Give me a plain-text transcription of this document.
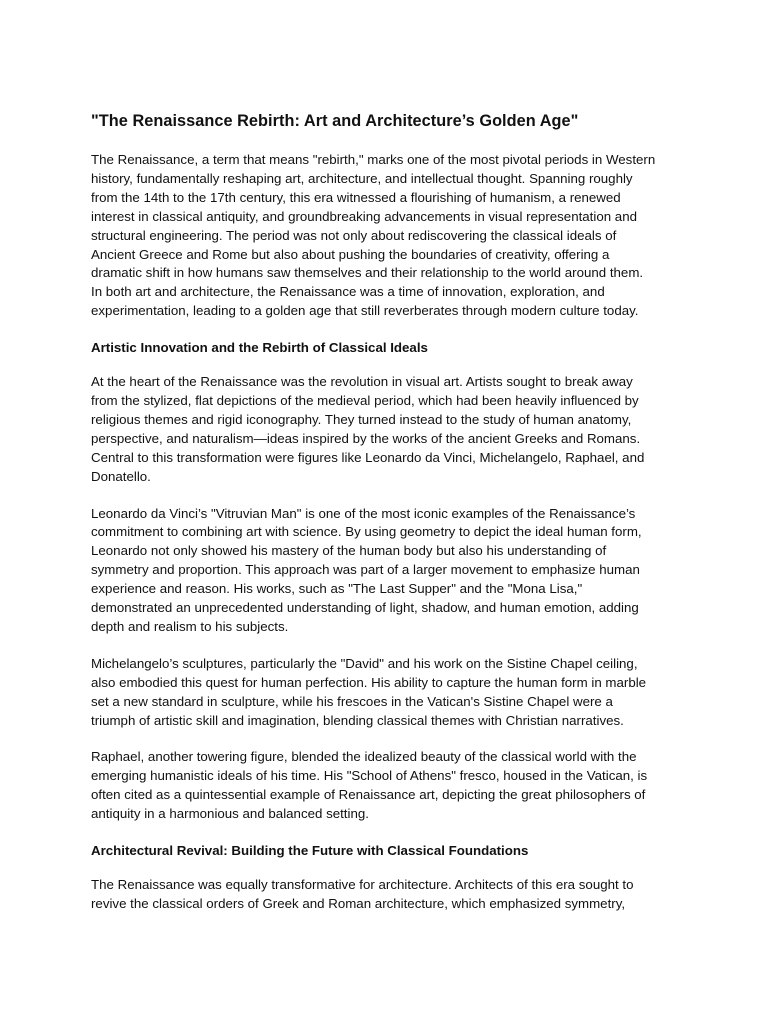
"The Renaissance Rebirth: Art and Architecture’s Golden Age"

The Renaissance, a term that means "rebirth," marks one of the most pivotal periods in Western
history, fundamentally reshaping art, architecture, and intellectual thought. Spanning roughly
from the 14th to the 17th century, this era witnessed a flourishing of humanism, a renewed
interest in classical antiquity, and groundbreaking advancements in visual representation and
structural engineering. The period was not only about rediscovering the classical ideals of
Ancient Greece and Rome but also about pushing the boundaries of creativity, offering a
dramatic shift in how humans saw themselves and their relationship to the world around them.
In both art and architecture, the Renaissance was a time of innovation, exploration, and
experimentation, leading to a golden age that still reverberates through modern culture today.

Artistic Innovation and the Rebirth of Classical Ideals

At the heart of the Renaissance was the revolution in visual art. Artists sought to break away
from the stylized, flat depictions of the medieval period, which had been heavily influenced by
religious themes and rigid iconography. They turned instead to the study of human anatomy,
perspective, and naturalism—ideas inspired by the works of the ancient Greeks and Romans.
Central to this transformation were figures like Leonardo da Vinci, Michelangelo, Raphael, and
Donatello.

Leonardo da Vinci’s "Vitruvian Man" is one of the most iconic examples of the Renaissance’s
commitment to combining art with science. By using geometry to depict the ideal human form,
Leonardo not only showed his mastery of the human body but also his understanding of
symmetry and proportion. This approach was part of a larger movement to emphasize human
experience and reason. His works, such as "The Last Supper" and the "Mona Lisa,"
demonstrated an unprecedented understanding of light, shadow, and human emotion, adding
depth and realism to his subjects.

Michelangelo’s sculptures, particularly the "David" and his work on the Sistine Chapel ceiling,
also embodied this quest for human perfection. His ability to capture the human form in marble
set a new standard in sculpture, while his frescoes in the Vatican's Sistine Chapel were a
triumph of artistic skill and imagination, blending classical themes with Christian narratives.

Raphael, another towering figure, blended the idealized beauty of the classical world with the
emerging humanistic ideals of his time. His "School of Athens" fresco, housed in the Vatican, is
often cited as a quintessential example of Renaissance art, depicting the great philosophers of
antiquity in a harmonious and balanced setting.

Architectural Revival: Building the Future with Classical Foundations

The Renaissance was equally transformative for architecture. Architects of this era sought to
revive the classical orders of Greek and Roman architecture, which emphasized symmetry,
